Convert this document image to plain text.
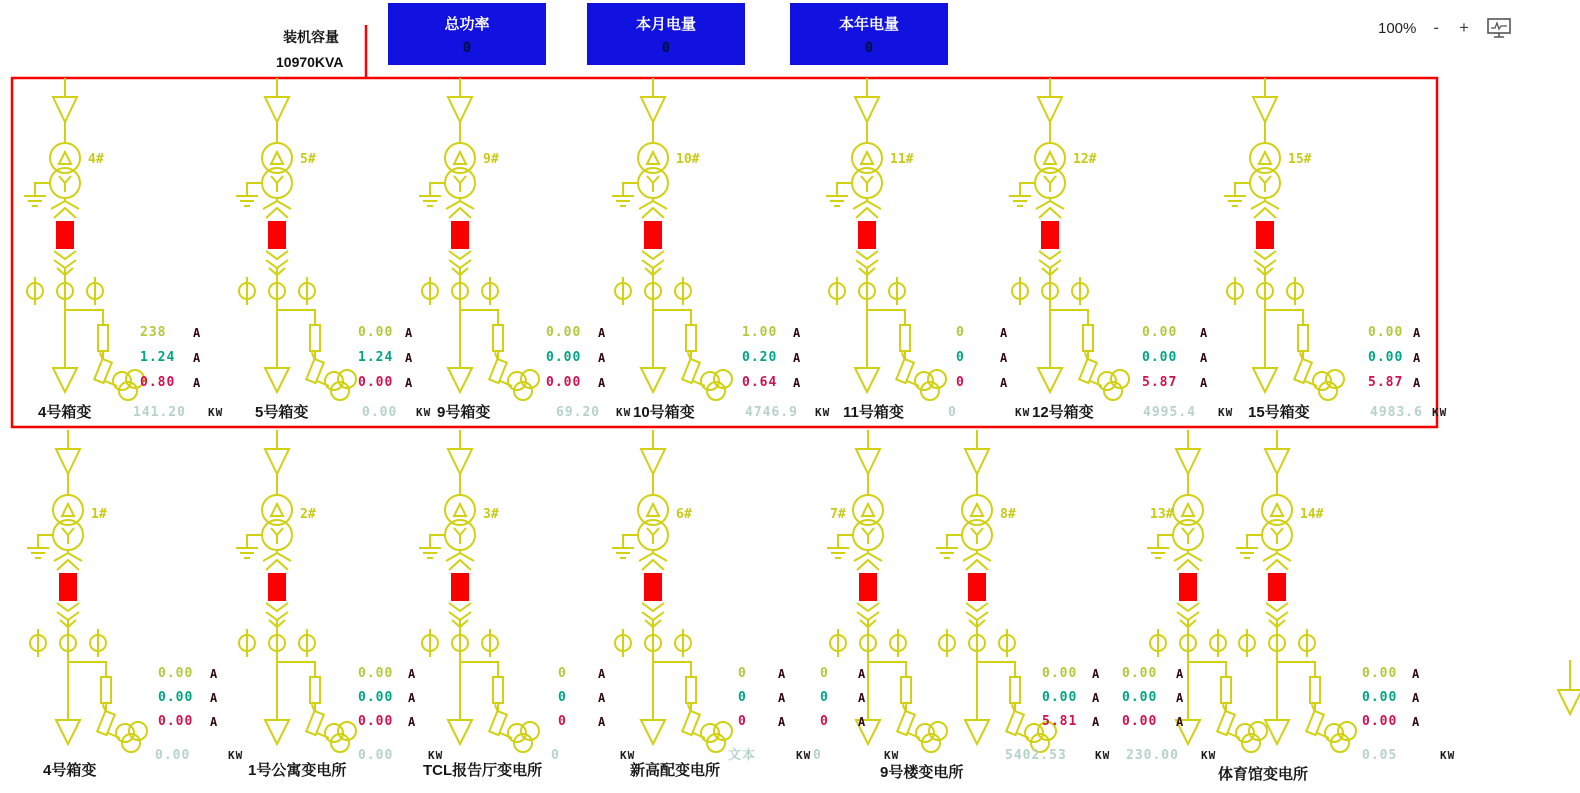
装机容量
10970KVA
总功率
0
本月电量
0
本年电量
0
100% - +
4#
238
1.24
0.80
A
A
A
4号箱变	141.20 KW
5#
0.00
1.24
0.00
A
A
A
5号箱变	0.00 KW
9#
0.00
0.00
0.00
A
A
A
9号箱变	69.20 KW
10#
1.00
0.20
0.64
A
A
A
10号箱变	4746.9 KW
11#
0
0
0
A
A
A
11号箱变	0	KW
12#
0.00
0.00
5.87
A
A
A
12号箱变	4995.4 KW
15#
0.00
0.00
5.87
A
A
A
15号箱变	4983.6 KW
1#
0.00
0.00
0.00
A
A
A
0.00	KW
4号箱变
2#
0.00
0.00
0.00
A
A
A
0.00	KW
1号公寓变电所
3#
0
0
0
A
A
A
0	KW
TCL报告厅变电所
6#
0
0
0
A
A
A
文本	KW
新高配变电所
7#
0
0
0
A
A
A
0	KW
9号楼变电所
8#
0.00
0.00
5.81
A
A
A
5402.53	KW
13#
0.00
0.00
0.00
A
A
A
230.00 KW
体育馆变电所
14#
0.00
0.00
0.00
A
A
A
0.05	KW
